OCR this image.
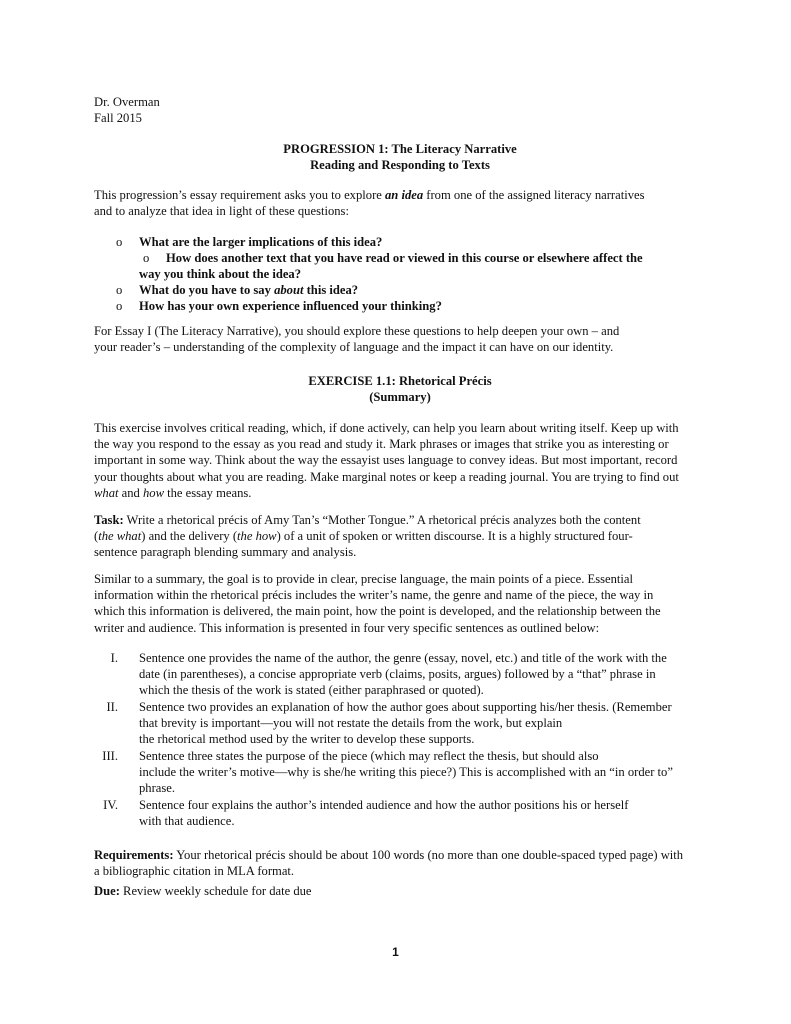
Dr. Overman

Fall 2015

PROGRESSION 1: The Literacy Narrative

Reading and Responding to Texts

This progression’s essay requirement asks you to explore an idea from one of the assigned literacy narratives

and to analyze that idea in light of these questions:

o What are the larger implications of this idea?
o How does another text that you have read or viewed in this course or elsewhere affect the
way you think about the idea?
o What do you have to say about this idea?
o How has your own experience influenced your thinking?

For Essay I (The Literacy Narrative), you should explore these questions to help deepen your own – and

your reader’s – understanding of the complexity of language and the impact it can have on our identity.

EXERCISE 1.1: Rhetorical Précis

(Summary)

This exercise involves critical reading, which, if done actively, can help you learn about writing itself. Keep up with

the way you respond to the essay as you read and study it. Mark phrases or images that strike you as interesting or

important in some way. Think about the way the essayist uses language to convey ideas. But most important, record

your thoughts about what you are reading. Make marginal notes or keep a reading journal. You are trying to find out

what and how the essay means.

Task: Write a rhetorical précis of Amy Tan’s “Mother Tongue.” A rhetorical précis analyzes both the content

(the what) and the delivery (the how) of a unit of spoken or written discourse. It is a highly structured four-

sentence paragraph blending summary and analysis.

Similar to a summary, the goal is to provide in clear, precise language, the main points of a piece. Essential

information within the rhetorical précis includes the writer’s name, the genre and name of the piece, the way in

which this information is delivered, the main point, how the point is developed, and the relationship between the

writer and audience. This information is presented in four very specific sentences as outlined below:

I. Sentence one provides the name of the author, the genre (essay, novel, etc.) and title of the work with the

date (in parentheses), a concise appropriate verb (claims, posits, argues) followed by a “that” phrase in

which the thesis of the work is stated (either paraphrased or quoted).

II. Sentence two provides an explanation of how the author goes about supporting his/her thesis. (Remember

that brevity is important—you will not restate the details from the work, but explain

the rhetorical method used by the writer to develop these supports.

III. Sentence three states the purpose of the piece (which may reflect the thesis, but should also

include the writer’s motive—why is she/he writing this piece?) This is accomplished with an “in order to”

phrase.

IV. Sentence four explains the author’s intended audience and how the author positions his or herself

with that audience.

Requirements: Your rhetorical précis should be about 100 words (no more than one double-spaced typed page) with

a bibliographic citation in MLA format.

Due: Review weekly schedule for date due

1
